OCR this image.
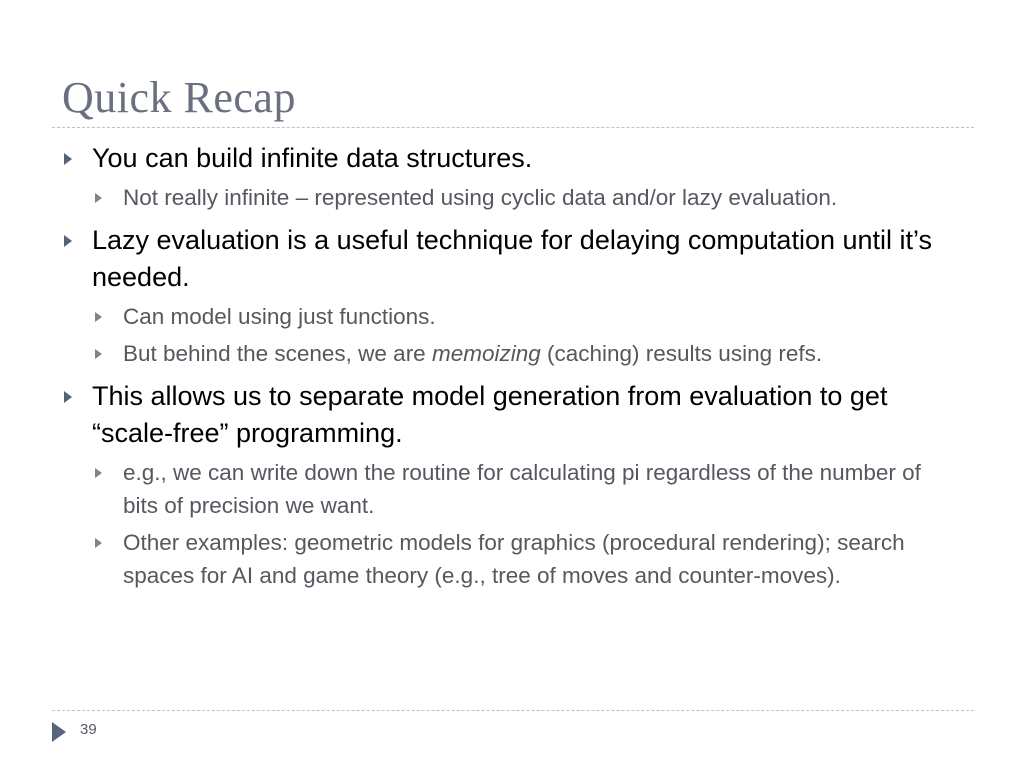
Quick Recap
You can build infinite data structures.
Not really infinite – represented using cyclic data and/or lazy evaluation.
Lazy evaluation is a useful technique for delaying computation until it’s needed.
Can model using just functions.
But behind the scenes, we are memoizing (caching) results using refs.
This allows us to separate model generation from evaluation to get “scale-free” programming.
e.g., we can write down the routine for calculating pi regardless of the number of bits of precision we want.
Other examples: geometric models for graphics (procedural rendering); search spaces for AI and game theory (e.g., tree of moves and counter-moves).
39
